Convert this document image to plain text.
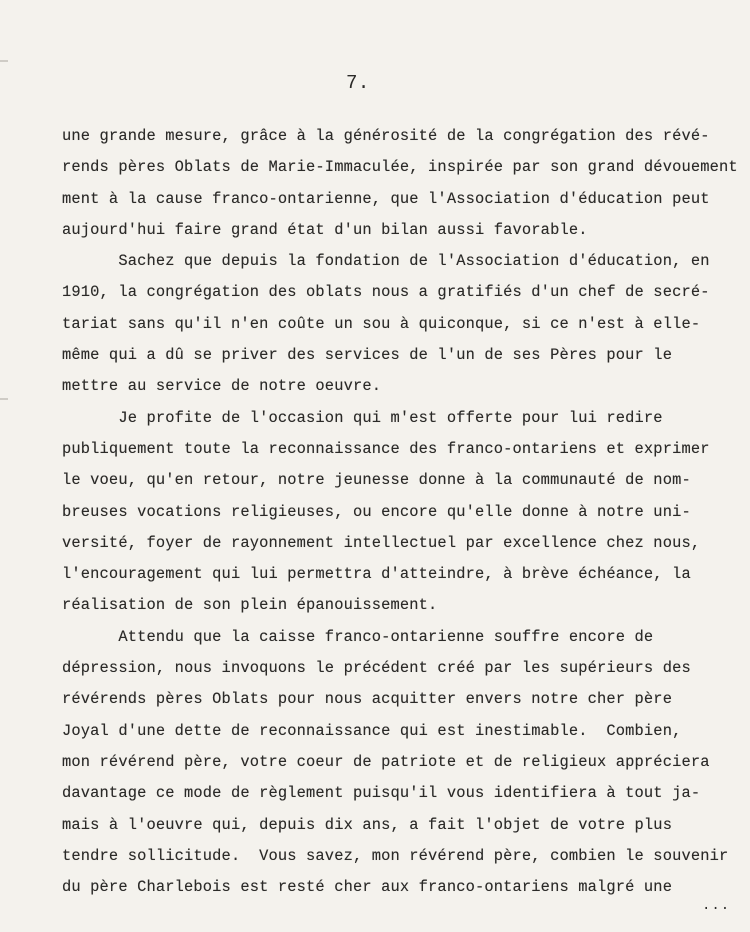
7.
une grande mesure, grâce à la générosité de la congrégation des révé-
rends pères Oblats de Marie-Immaculée, inspirée par son grand dévouement
ment à la cause franco-ontarienne, que l'Association d'éducation peut
aujourd'hui faire grand état d'un bilan aussi favorable.
Sachez que depuis la fondation de l'Association d'éducation, en
1910, la congrégation des oblats nous a gratifiés d'un chef de secré-
tariat sans qu'il n'en coûte un sou à quiconque, si ce n'est à elle-
même qui a dû se priver des services de l'un de ses Pères pour le
mettre au service de notre oeuvre.
Je profite de l'occasion qui m'est offerte pour lui redire
publiquement toute la reconnaissance des franco-ontariens et exprimer
le voeu, qu'en retour, notre jeunesse donne à la communauté de nom-
breuses vocations religieuses, ou encore qu'elle donne à notre uni-
versité, foyer de rayonnement intellectuel par excellence chez nous,
l'encouragement qui lui permettra d'atteindre, à brève échéance, la
réalisation de son plein épanouissement.
Attendu que la caisse franco-ontarienne souffre encore de
dépression, nous invoquons le précédent créé par les supérieurs des
révérends pères Oblats pour nous acquitter envers notre cher père
Joyal d'une dette de reconnaissance qui est inestimable.  Combien,
mon révérend père, votre coeur de patriote et de religieux appréciera
davantage ce mode de règlement puisqu'il vous identifiera à tout ja-
mais à l'oeuvre qui, depuis dix ans, a fait l'objet de votre plus
tendre sollicitude.  Vous savez, mon révérend père, combien le souvenir
du père Charlebois est resté cher aux franco-ontariens malgré une
...
